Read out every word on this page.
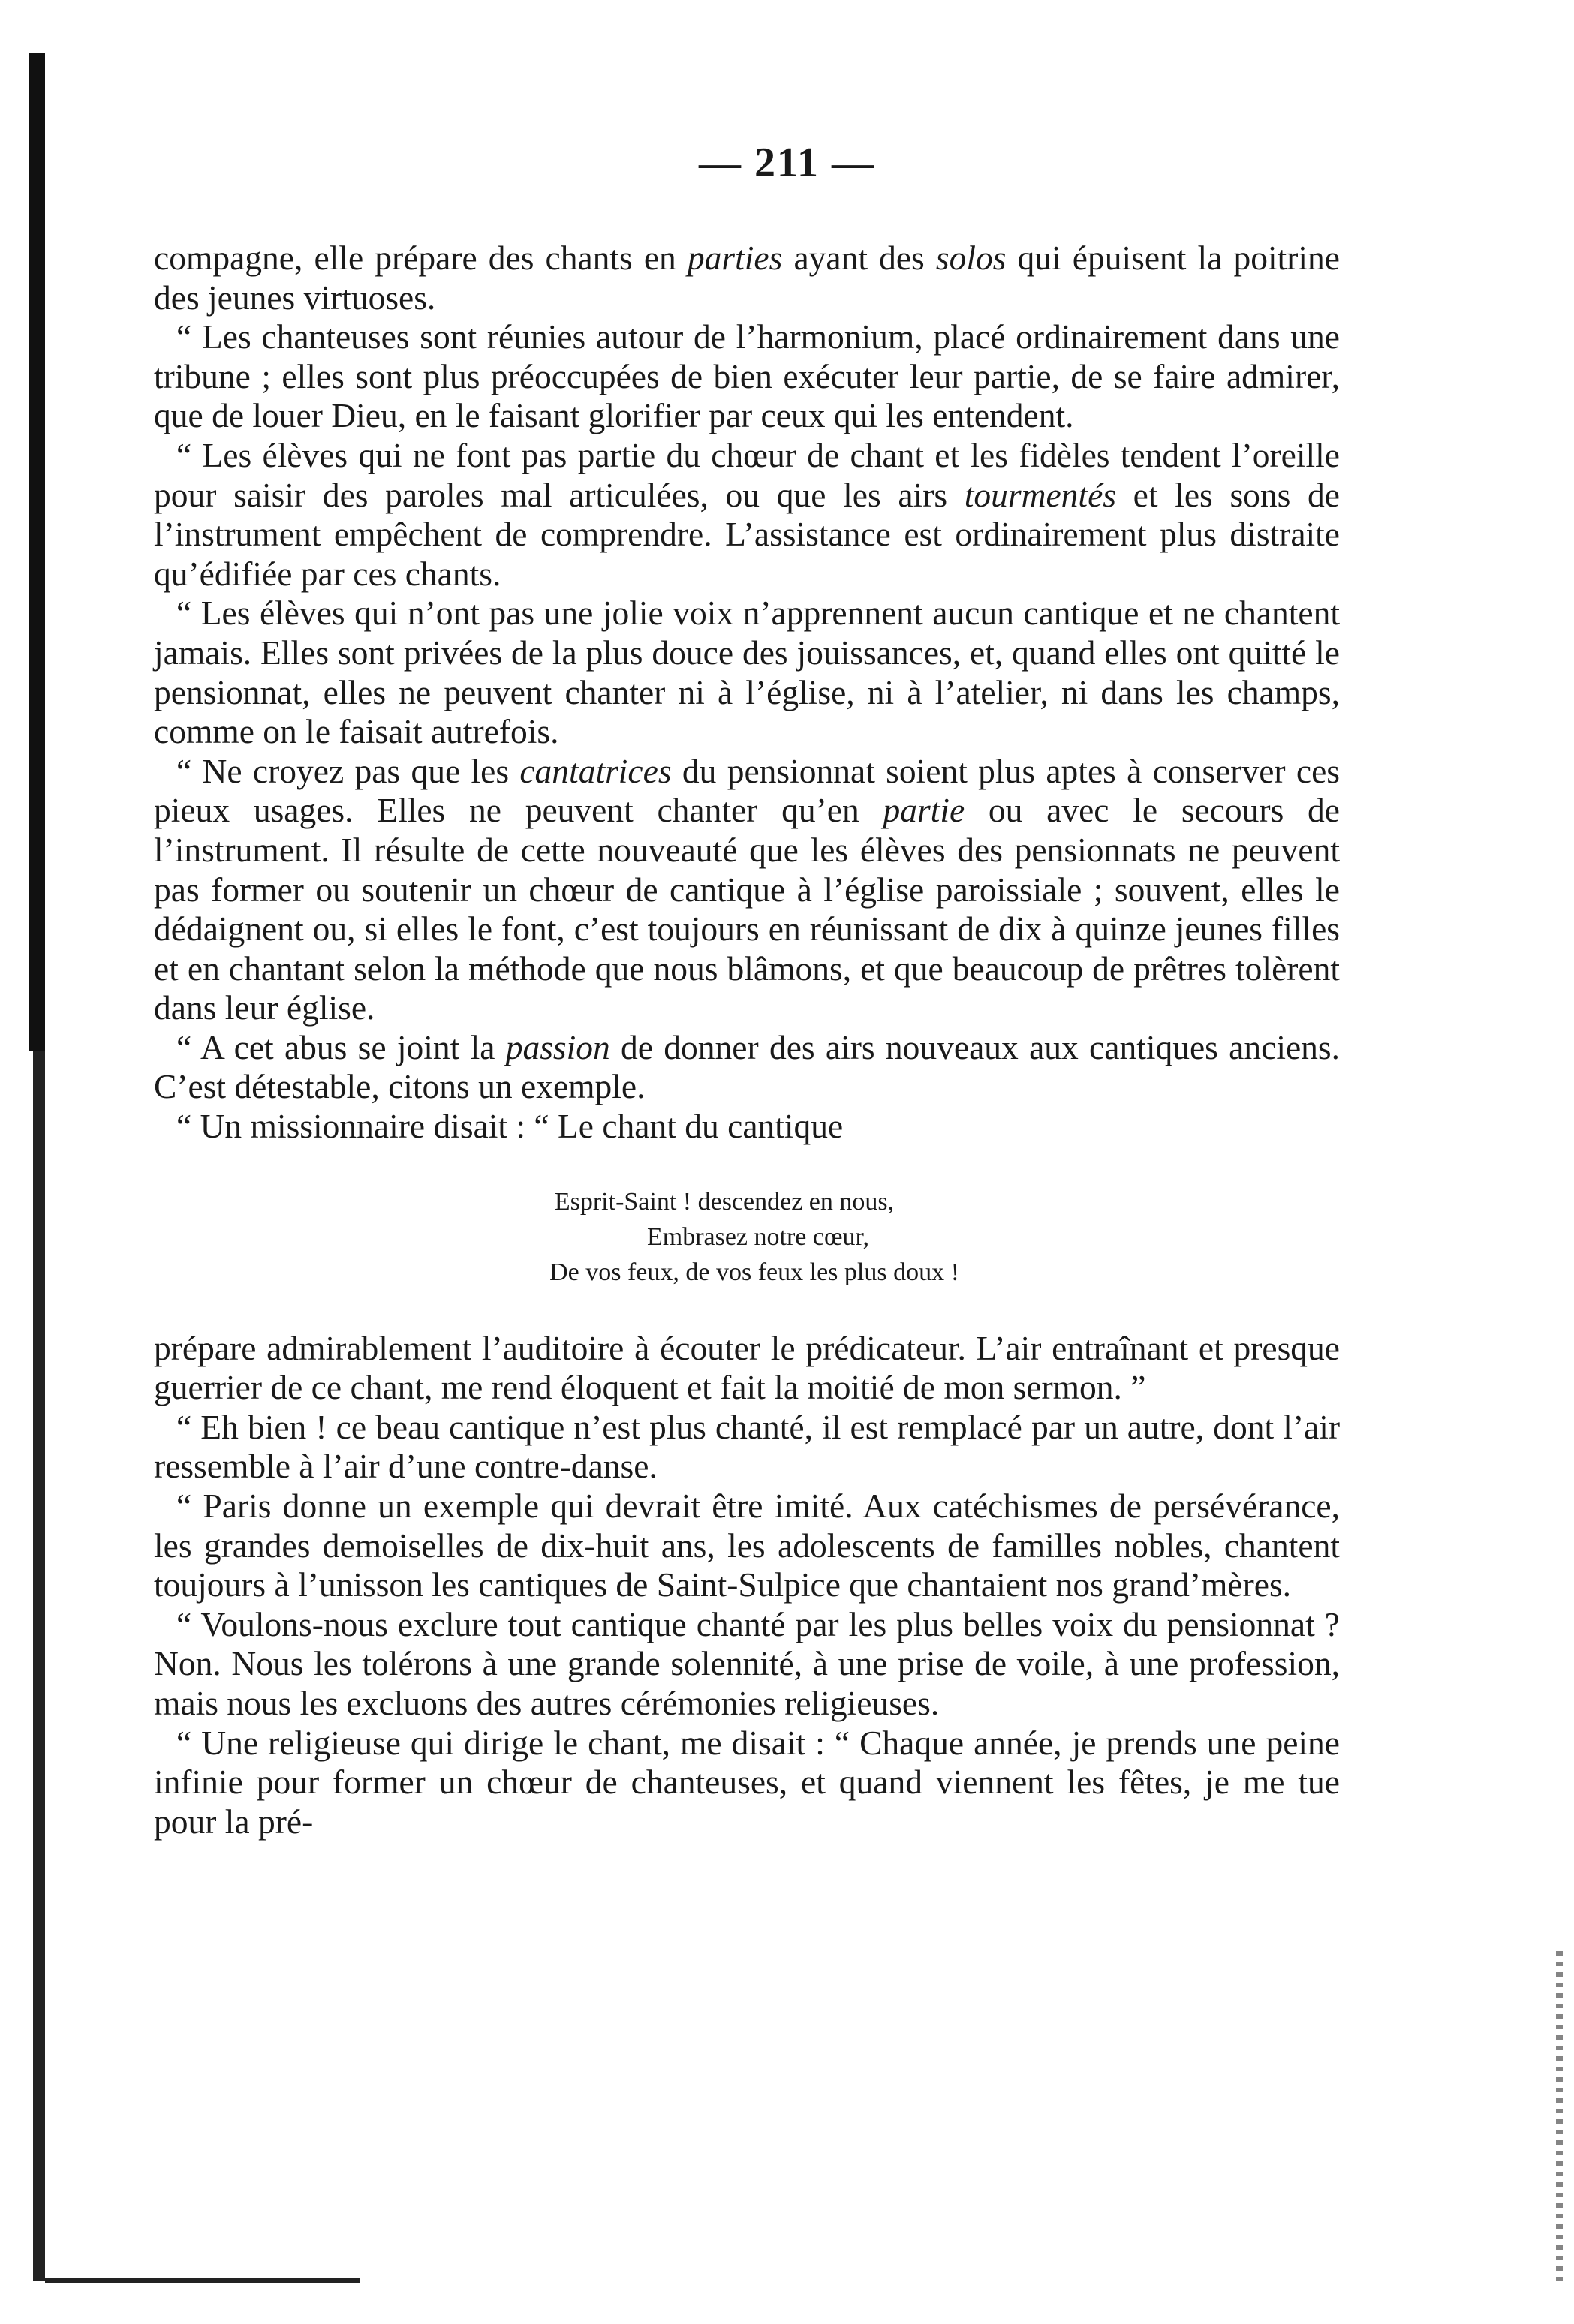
— 211 —

compagne, elle prépare des chants en parties ayant des solos qui épuisent la poitrine des jeunes virtuoses.

“ Les chanteuses sont réunies autour de l’harmonium, placé ordinairement dans une tribune ; elles sont plus préoccupées de bien exécuter leur partie, de se faire admirer, que de louer Dieu, en le faisant glorifier par ceux qui les entendent.

“ Les élèves qui ne font pas partie du chœur de chant et les fidèles tendent l’oreille pour saisir des paroles mal articulées, ou que les airs tourmentés et les sons de l’instrument empêchent de comprendre. L’assistance est ordinairement plus distraite qu’édifiée par ces chants.

“ Les élèves qui n’ont pas une jolie voix n’apprennent aucun cantique et ne chantent jamais. Elles sont privées de la plus douce des jouissances, et, quand elles ont quitté le pensionnat, elles ne peuvent chanter ni à l’église, ni à l’atelier, ni dans les champs, comme on le faisait autrefois.

“ Ne croyez pas que les cantatrices du pensionnat soient plus aptes à conserver ces pieux usages. Elles ne peuvent chanter qu’en partie ou avec le secours de l’instrument. Il résulte de cette nouveauté que les élèves des pensionnats ne peuvent pas former ou soutenir un chœur de cantique à l’église paroissiale ; souvent, elles le dédaignent ou, si elles le font, c’est toujours en réunissant de dix à quinze jeunes filles et en chantant selon la méthode que nous blâmons, et que beaucoup de prêtres tolèrent dans leur église.

“ A cet abus se joint la passion de donner des airs nouveaux aux cantiques anciens. C’est détestable, citons un exemple.

“ Un missionnaire disait : “ Le chant du cantique

Esprit-Saint ! descendez en nous,
Embrasez notre cœur,
De vos feux, de vos feux les plus doux !

prépare admirablement l’auditoire à écouter le prédicateur. L’air entraînant et presque guerrier de ce chant, me rend éloquent et fait la moitié de mon sermon. ”

“ Eh bien ! ce beau cantique n’est plus chanté, il est remplacé par un autre, dont l’air ressemble à l’air d’une contre-danse.

“ Paris donne un exemple qui devrait être imité. Aux catéchismes de persévérance, les grandes demoiselles de dix-huit ans, les adolescents de familles nobles, chantent toujours à l’unisson les cantiques de Saint-Sulpice que chantaient nos grand’mères.

“ Voulons-nous exclure tout cantique chanté par les plus belles voix du pensionnat ? Non. Nous les tolérons à une grande solennité, à une prise de voile, à une profession, mais nous les excluons des autres cérémonies religieuses.

“ Une religieuse qui dirige le chant, me disait : “ Chaque année, je prends une peine infinie pour former un chœur de chanteuses, et quand viennent les fêtes, je me tue pour la pré-
